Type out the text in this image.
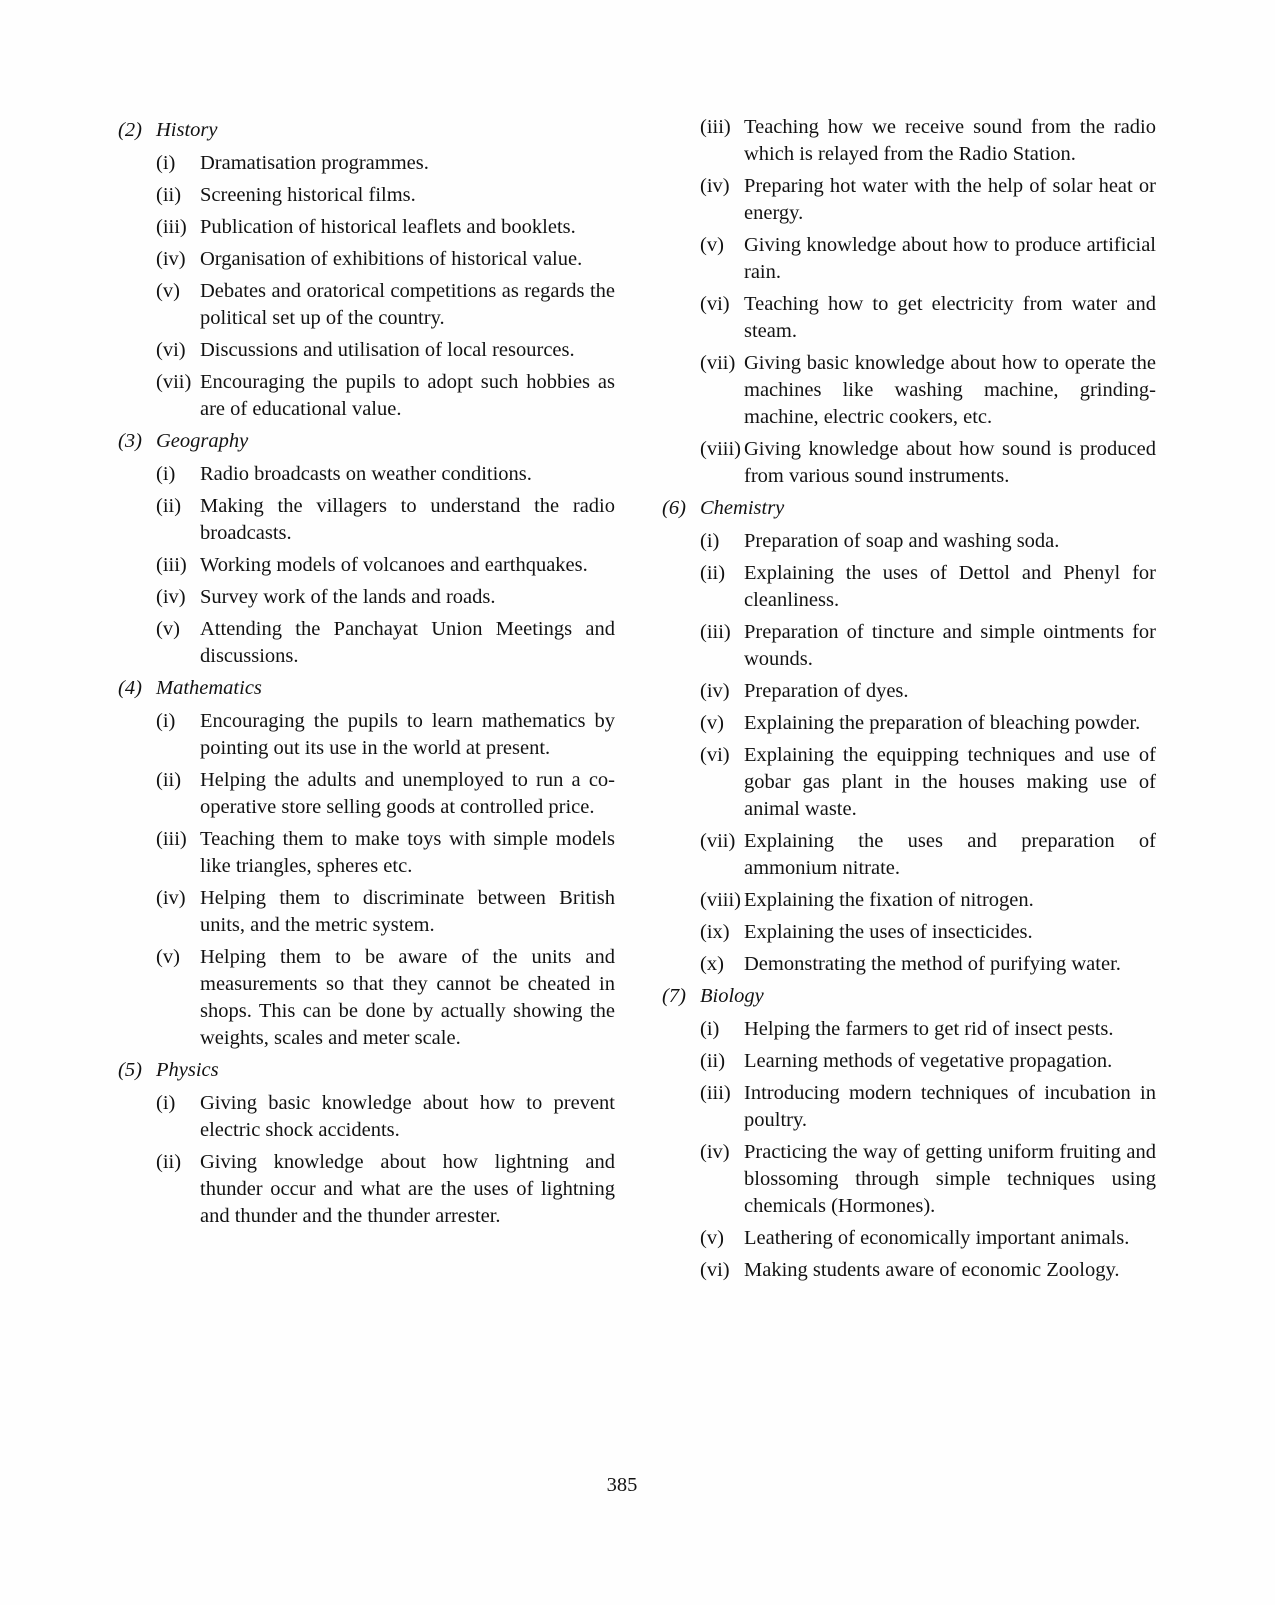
(2) History
(i)	Dramatisation programmes.
(ii) Screening historical films.
(iii) Publication of historical leaflets and booklets.
(iv) Organisation of exhibitions of historical value.
(v) Debates and oratorical competitions as regards the political set up of the country.
(vi) Discussions and utilisation of local resources.
(vii) Encouraging the pupils to adopt such hobbies as are of educational value.
(3) Geography
(i)	Radio broadcasts on weather conditions.
(ii) Making the villagers to understand the radio broadcasts.
(iii) Working models of volcanoes and earthquakes.
(iv) Survey work of the lands and roads.
(v) Attending the Panchayat Union Meetings and discussions.
(4) Mathematics
(i)	Encouraging the pupils to learn mathematics by pointing out its use in the world at present.
(ii) Helping the adults and unemployed to run a co-operative store selling goods at controlled price.
(iii) Teaching them to make toys with simple models like triangles, spheres etc.
(iv) Helping them to discriminate between British units, and the metric system.
(v) Helping them to be aware of the units and measurements so that they cannot be cheated in shops. This can be done by actually showing the weights, scales and meter scale.
(5) Physics
(i)	Giving basic knowledge about how to prevent electric shock accidents.
(ii) Giving knowledge about how lightning and thunder occur and what are the uses of lightning and thunder and the thunder arrester.
(iii) Teaching how we receive sound from the radio which is relayed from the Radio Station.
(iv) Preparing hot water with the help of solar heat or energy.
(v) Giving knowledge about how to produce artificial rain.
(vi) Teaching how to get electricity from water and steam.
(vii) Giving basic knowledge about how to operate the machines like washing machine, grinding-machine, electric cookers, etc.
(viii) Giving knowledge about how sound is produced from various sound instruments.
(6) Chemistry
(i)	Preparation of soap and washing soda.
(ii) Explaining the uses of Dettol and Phenyl for cleanliness.
(iii) Preparation of tincture and simple ointments for wounds.
(iv) Preparation of dyes.
(v) Explaining the preparation of bleaching powder.
(vi) Explaining the equipping techniques and use of gobar gas plant in the houses making use of animal waste.
(vii) Explaining the uses and preparation of ammonium nitrate.
(viii) Explaining the fixation of nitrogen.
(ix) Explaining the uses of insecticides.
(x) Demonstrating the method of purifying water.
(7) Biology
(i)	Helping the farmers to get rid of insect pests.
(ii) Learning methods of vegetative propagation.
(iii) Introducing modern techniques of incubation in poultry.
(iv) Practicing the way of getting uniform fruiting and blossoming through simple techniques using chemicals (Hormones).
(v) Leathering of economically important animals.
(vi) Making students aware of economic Zoology.
385
